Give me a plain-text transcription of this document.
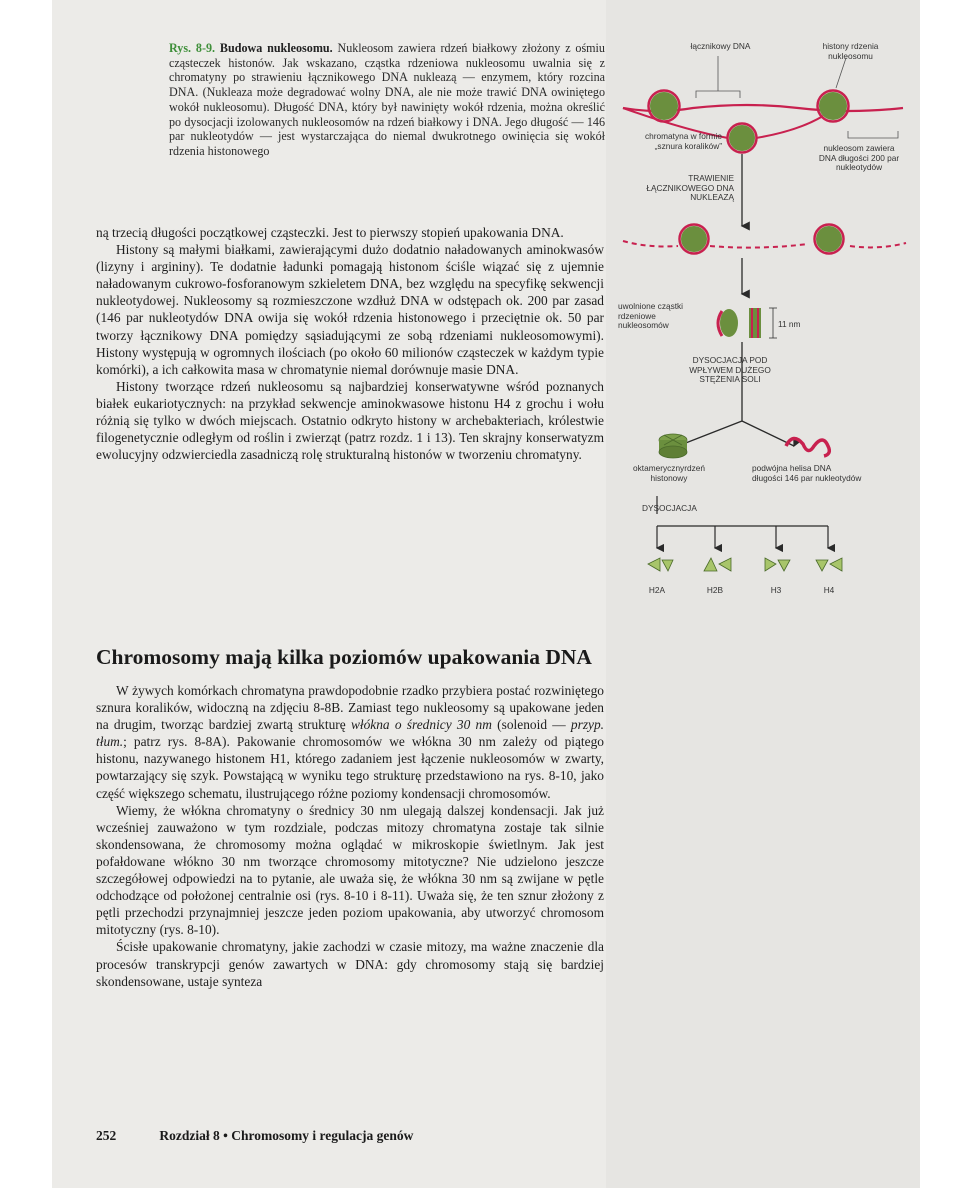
Rys. 8-9. Budowa nukleosomu. Nukleosom zawiera rdzeń białkowy złożony z ośmiu cząsteczek histonów. Jak wskazano, cząstka rdzeniowa nukleosomu uwalnia się z chromatyny po strawieniu łącznikowego DNA nukleazą — enzymem, który rozcina DNA. (Nukleaza może degradować wolny DNA, ale nie może trawić DNA owiniętego wokół nukleosomu). Długość DNA, który był nawinięty wokół rdzenia, można określić po dysocjacji izolowanych nukleosomów na rdzeń białkowy i DNA. Jego długość — 146 par nukleotydów — jest wystarczająca do niemal dwukrotnego owinięcia się wokół rdzenia histonowego

ną trzecią długości początkowej cząsteczki. Jest to pierwszy stopień upakowania DNA.

Histony są małymi białkami, zawierającymi dużo dodatnio naładowanych aminokwasów (lizyny i argininy). Te dodatnie ładunki pomagają histonom ściśle wiązać się z ujemnie naładowanym cukrowo-fosforanowym szkieletem DNA, bez względu na specyfikę sekwencji nukleotydowej. Nukleosomy są rozmieszczone wzdłuż DNA w odstępach ok. 200 par zasad (146 par nukleotydów DNA owija się wokół rdzenia histonowego i przeciętnie ok. 50 par tworzy łącznikowy DNA pomiędzy sąsiadującymi ze sobą rdzeniami nukleosomowymi). Histony występują w ogromnych ilościach (po około 60 milionów cząsteczek w każdym typie komórki), a ich całkowita masa w chromatynie niemal dorównuje masie DNA.

Histony tworzące rdzeń nukleosomu są najbardziej konserwatywne wśród poznanych białek eukariotycznych: na przykład sekwencje aminokwasowe histonu H4 z grochu i wołu różnią się tylko w dwóch miejscach. Ostatnio odkryto histony w archebakteriach, królestwie filogenetycznie odległym od roślin i zwierząt (patrz rozdz. 1 i 13). Ten skrajny konserwatyzm ewolucyjny odzwierciedla zasadniczą rolę strukturalną histonów w tworzeniu chromatyny.

Chromosomy mają kilka poziomów upakowania DNA

W żywych komórkach chromatyna prawdopodobnie rzadko przybiera postać rozwiniętego sznura koralików, widoczną na zdjęciu 8-8B. Zamiast tego nukleosomy są upakowane jeden na drugim, tworząc bardziej zwartą strukturę włókna o średnicy 30 nm (solenoid — przyp. tłum.; patrz rys. 8-8A). Pakowanie chromosomów we włókna 30 nm zależy od piątego histonu, nazywanego histonem H1, którego zadaniem jest łączenie nukleosomów w zwarty, powtarzający się szyk. Powstającą w wyniku tego strukturę przedstawiono na rys. 8-10, jako część większego schematu, ilustrującego różne poziomy kondensacji chromosomów.

Wiemy, że włókna chromatyny o średnicy 30 nm ulegają dalszej kondensacji. Jak już wcześniej zauważono w tym rozdziale, podczas mitozy chromatyna zostaje tak silnie skondensowana, że chromosomy można oglądać w mikroskopie świetlnym. Jak jest pofałdowane włókno 30 nm tworzące chromosomy mitotyczne? Nie udzielono jeszcze szczegółowej odpowiedzi na to pytanie, ale uważa się, że włókna 30 nm są zwijane w pętle odchodzące od położonej centralnie osi (rys. 8-10 i 8-11). Uważa się, że ten sznur złożony z pętli przechodzi przynajmniej jeszcze jeden poziom upakowania, aby utworzyć chromosom mitotyczny (rys. 8-10).

Ścisłe upakowanie chromatyny, jakie zachodzi w czasie mitozy, ma ważne znaczenie dla procesów transkrypcji genów zawartych w DNA: gdy chromosomy stają się bardziej skondensowane, ustaje synteza

252	Rozdział 8 • Chromosomy i regulacja genów
łącznikowy DNA	histony rdzenia nukleosomu
chromatyna w formie „sznura koralików”	nukleosom zawiera DNA długości 200 par nukleotydów
TRAWIENIE ŁĄCZNIKOWEGO DNA NUKLEAZĄ
uwolnione cząstki rdzeniowe nukleosomów	11 nm
DYSOCJACJA POD WPŁYWEM DUŻEGO STĘŻENIA SOLI
oktamerycznyrdzeń histonowy
podwójna helisa DNA długości 146 par nukleotydów
DYSOCJACJA
H2A	H2B	H3	H4
